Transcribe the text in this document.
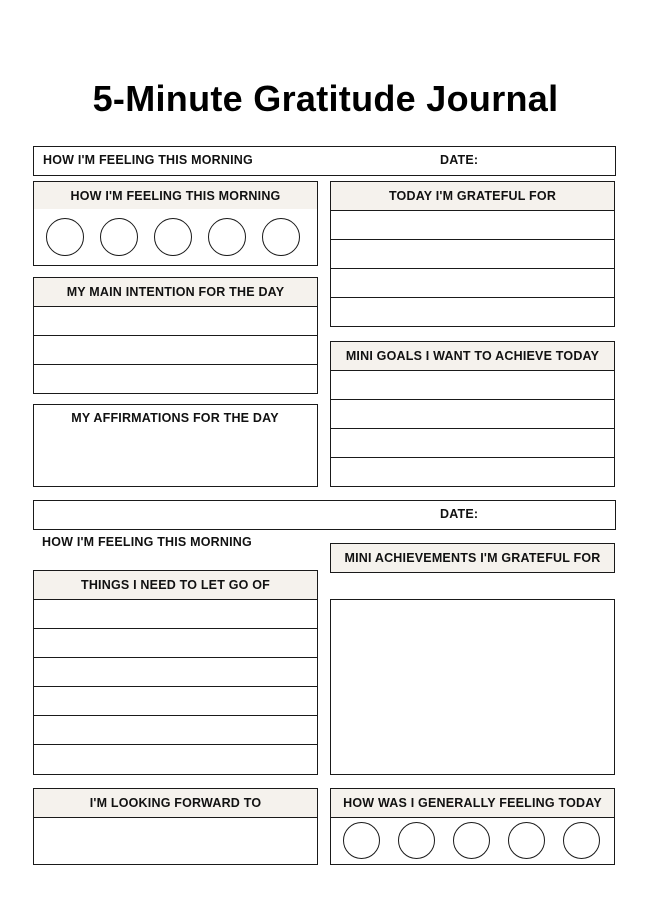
5-Minute Gratitude Journal
HOW I'M FEELING THIS MORNING	DATE:
HOW I'M FEELING THIS MORNING	TODAY I'M GRATEFUL FOR
MY MAIN INTENTION FOR THE DAY
MINI GOALS I WANT TO ACHIEVE TODAY
MY AFFIRMATIONS FOR THE DAY
DATE:
HOW I'M FEELING THIS MORNING
MINI ACHIEVEMENTS I'M GRATEFUL FOR
THINGS I NEED TO LET GO OF
I'M LOOKING FORWARD TO	HOW WAS I GENERALLY FEELING TODAY
